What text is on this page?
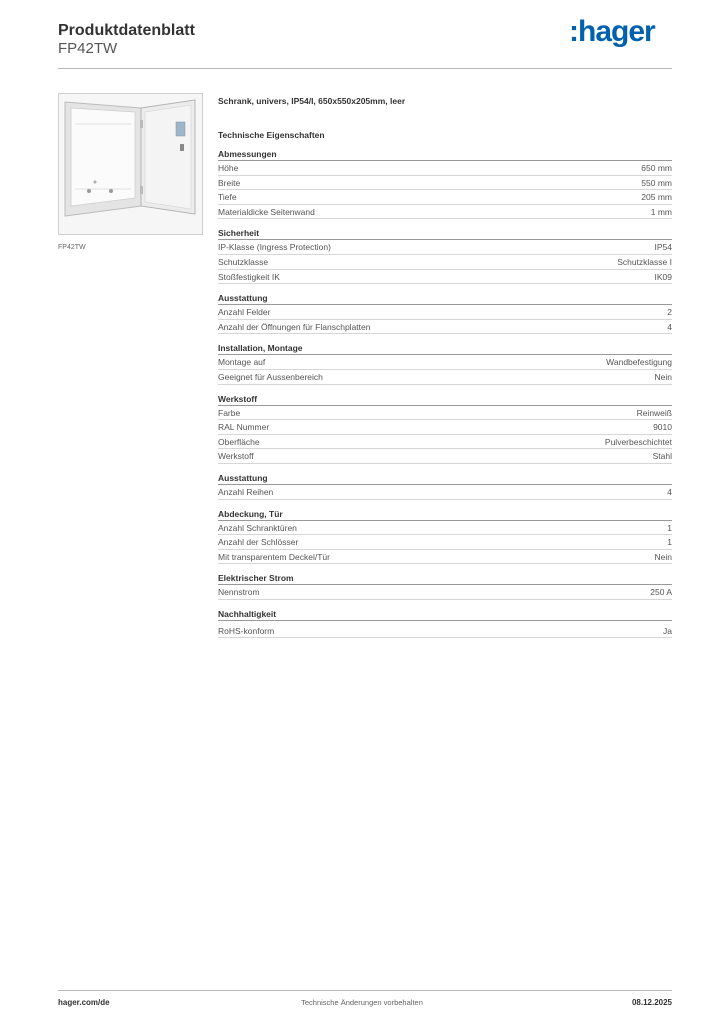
Produktdatenblatt
FP42TW
:hager
FP42TW
Schrank, univers, IP54/I, 650x550x205mm, leer
Technische Eigenschaften
Abmessungen
Höhe	650 mm
Breite	550 mm
Tiefe	205 mm
Materialdicke Seitenwand	1 mm
Sicherheit
IP-Klasse (Ingress Protection)	IP54
Schutzklasse	Schutzklasse I
Stoßfestigkeit IK	IK09
Ausstattung
Anzahl Felder	2
Anzahl der Öffnungen für Flanschplatten	4
Installation, Montage
Montage auf	Wandbefestigung
Geeignet für Aussenbereich	Nein
Werkstoff
Farbe	Reinweiß
RAL Nummer	9010
Oberfläche	Pulverbeschichtet
Werkstoff	Stahl
Ausstattung
Anzahl Reihen	4
Abdeckung, Tür
Anzahl Schranktüren	1
Anzahl der Schlösser	1
Mit transparentem Deckel/Tür	Nein
Elektrischer Strom
Nennstrom	250 A
Nachhaltigkeit
RoHS-konform	Ja
hager.com/de	Technische Änderungen vorbehalten	08.12.2025
